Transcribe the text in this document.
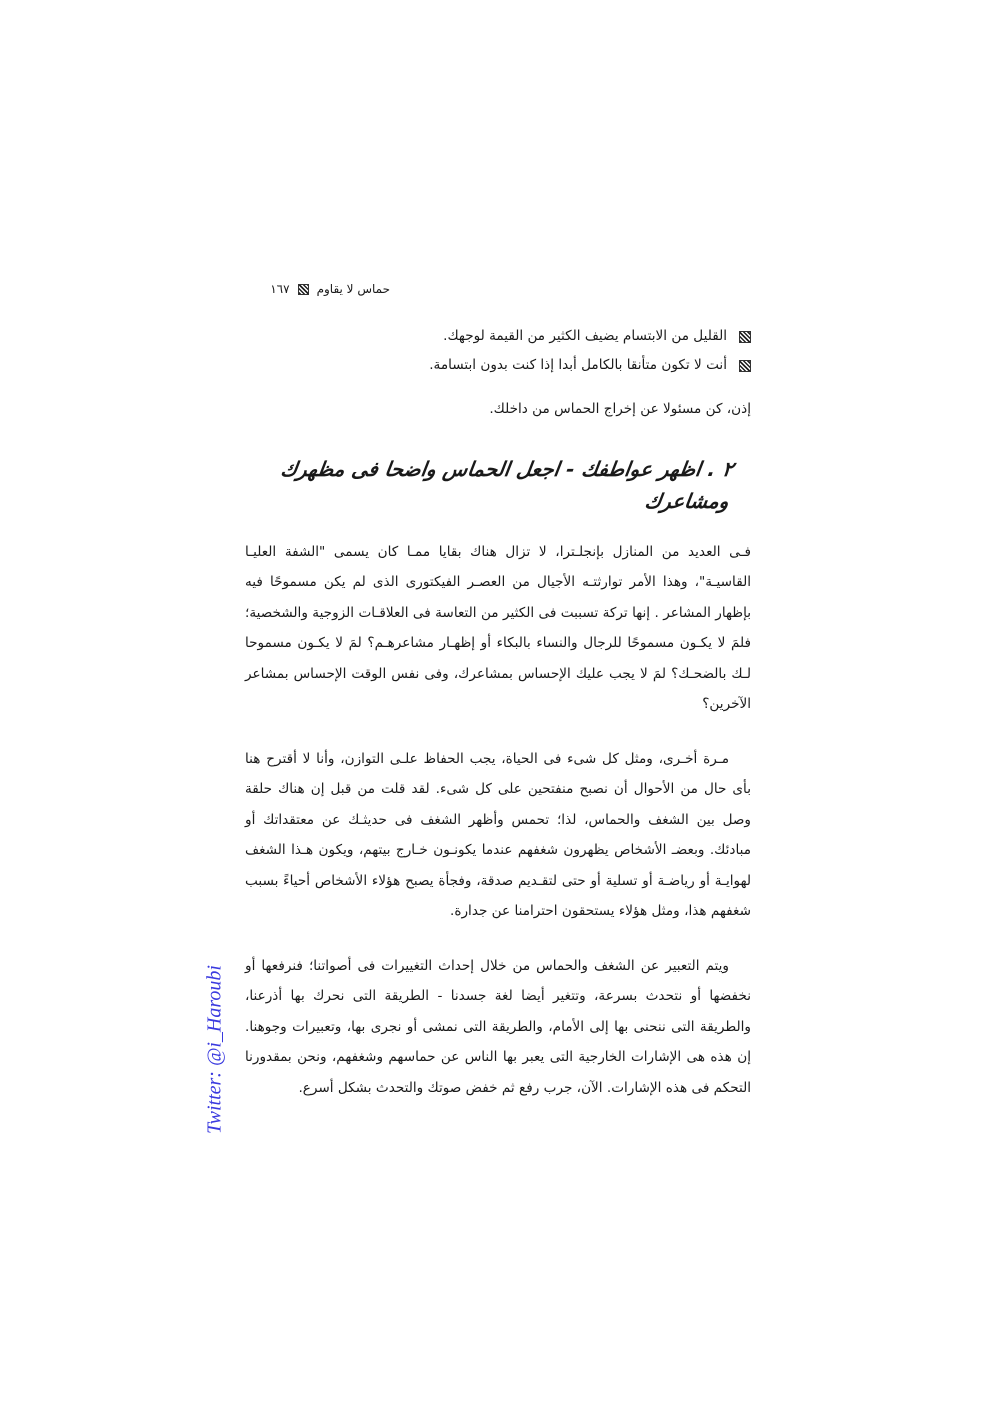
حماس لا يقاوم
١٦٧
القليل من الابتسام يضيف الكثير من القيمة لوجهك.
أنت لا تكون متأنقا بالكامل أبدا إذا كنت بدون ابتسامة.

إذن، كن مسئولا عن إخراج الحماس من داخلك.

٢ . اظهر عواطفك - اجعل الحماس واضحا فى مظهرك ومشاعرك

فـى العديد من المنازل بإنجلـترا، لا تزال هناك بقايا ممـا كان يسمى "الشفة العليـا القاسيـة"، وهذا الأمر توارثتـه الأجيال من العصـر الفيكتورى الذى لم يكن مسموحًا فيه بإظهار المشاعر . إنها تركة تسببت فى الكثير من التعاسة فى العلاقـات الزوجية والشخصية؛ فلمَ لا يكـون مسموحًا للرجال والنساء بالبكاء أو إظهـار مشاعرهـم؟ لمَ لا يكـون مسموحا لـك بالضحـك؟ لمَ لا يجب عليك الإحساس بمشاعرك، وفى نفس الوقت الإحساس بمشاعر الآخرين؟

مـرة أخـرى، ومثل كل شىء فى الحياة، يجب الحفاظ علـى التوازن، وأنا لا أقترح هنا بأى حال من الأحوال أن نصبح منفتحين على كل شىء. لقد قلت من قبل إن هناك حلقة وصل بين الشغف والحماس، لذا؛ تحمس وأظهر الشغف فى حديثـك عن معتقداتك أو مبادئك. وبعضـ الأشخاص يظهرون شغفهم عندما يكونـون خـارج بيتهم، ويكون هـذا الشغف لهوايـة أو رياضـة أو تسلية أو حتى لتقـديم صدقة، وفجأة يصبح هؤلاء الأشخاص أحياءً بسبب شغفهم هذا، ومثل هؤلاء يستحقون احترامنا عن جدارة.

ويتم التعبير عن الشغف والحماس من خلال إحداث التغييرات فى أصواتنا؛ فنرفعها أو نخفضها أو نتحدث بسرعة، وتتغير أيضا لغة جسدنا - الطريقة التى نحرك بها أذرعنا، والطريقة التى ننحنى بها إلى الأمام، والطريقة التى نمشى أو نجرى بها، وتعبيرات وجوهنا. إن هذه هى الإشارات الخارجية التى يعبر بها الناس عن حماسهم وشغفهم، ونحن بمقدورنا التحكم فى هذه الإشارات. الآن، جرب رفع ثم خفض صوتك والتحدث بشكل أسرع.

Twitter: @i_Haroubi
